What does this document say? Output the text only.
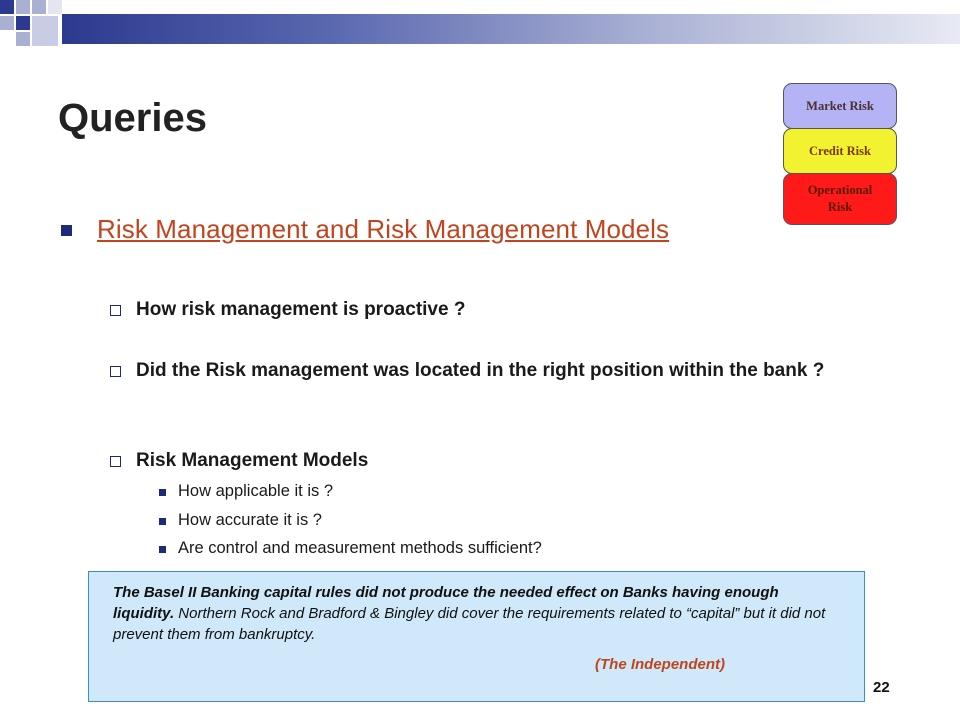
Queries	Market Risk
Credit Risk
Operational Risk
Risk Management and Risk Management Models
How risk management is proactive ?
Did the Risk management was located in the right position within the bank ?
Risk Management Models
How applicable it is ?
How accurate it is ?
Are control and measurement methods sufficient?
The Basel II Banking capital rules did not produce the needed effect on Banks having enough liquidity. Northern Rock and Bradford & Bingley did cover the requirements related to “capital” but it did not prevent them from bankruptcy.
(The Independent)
22
